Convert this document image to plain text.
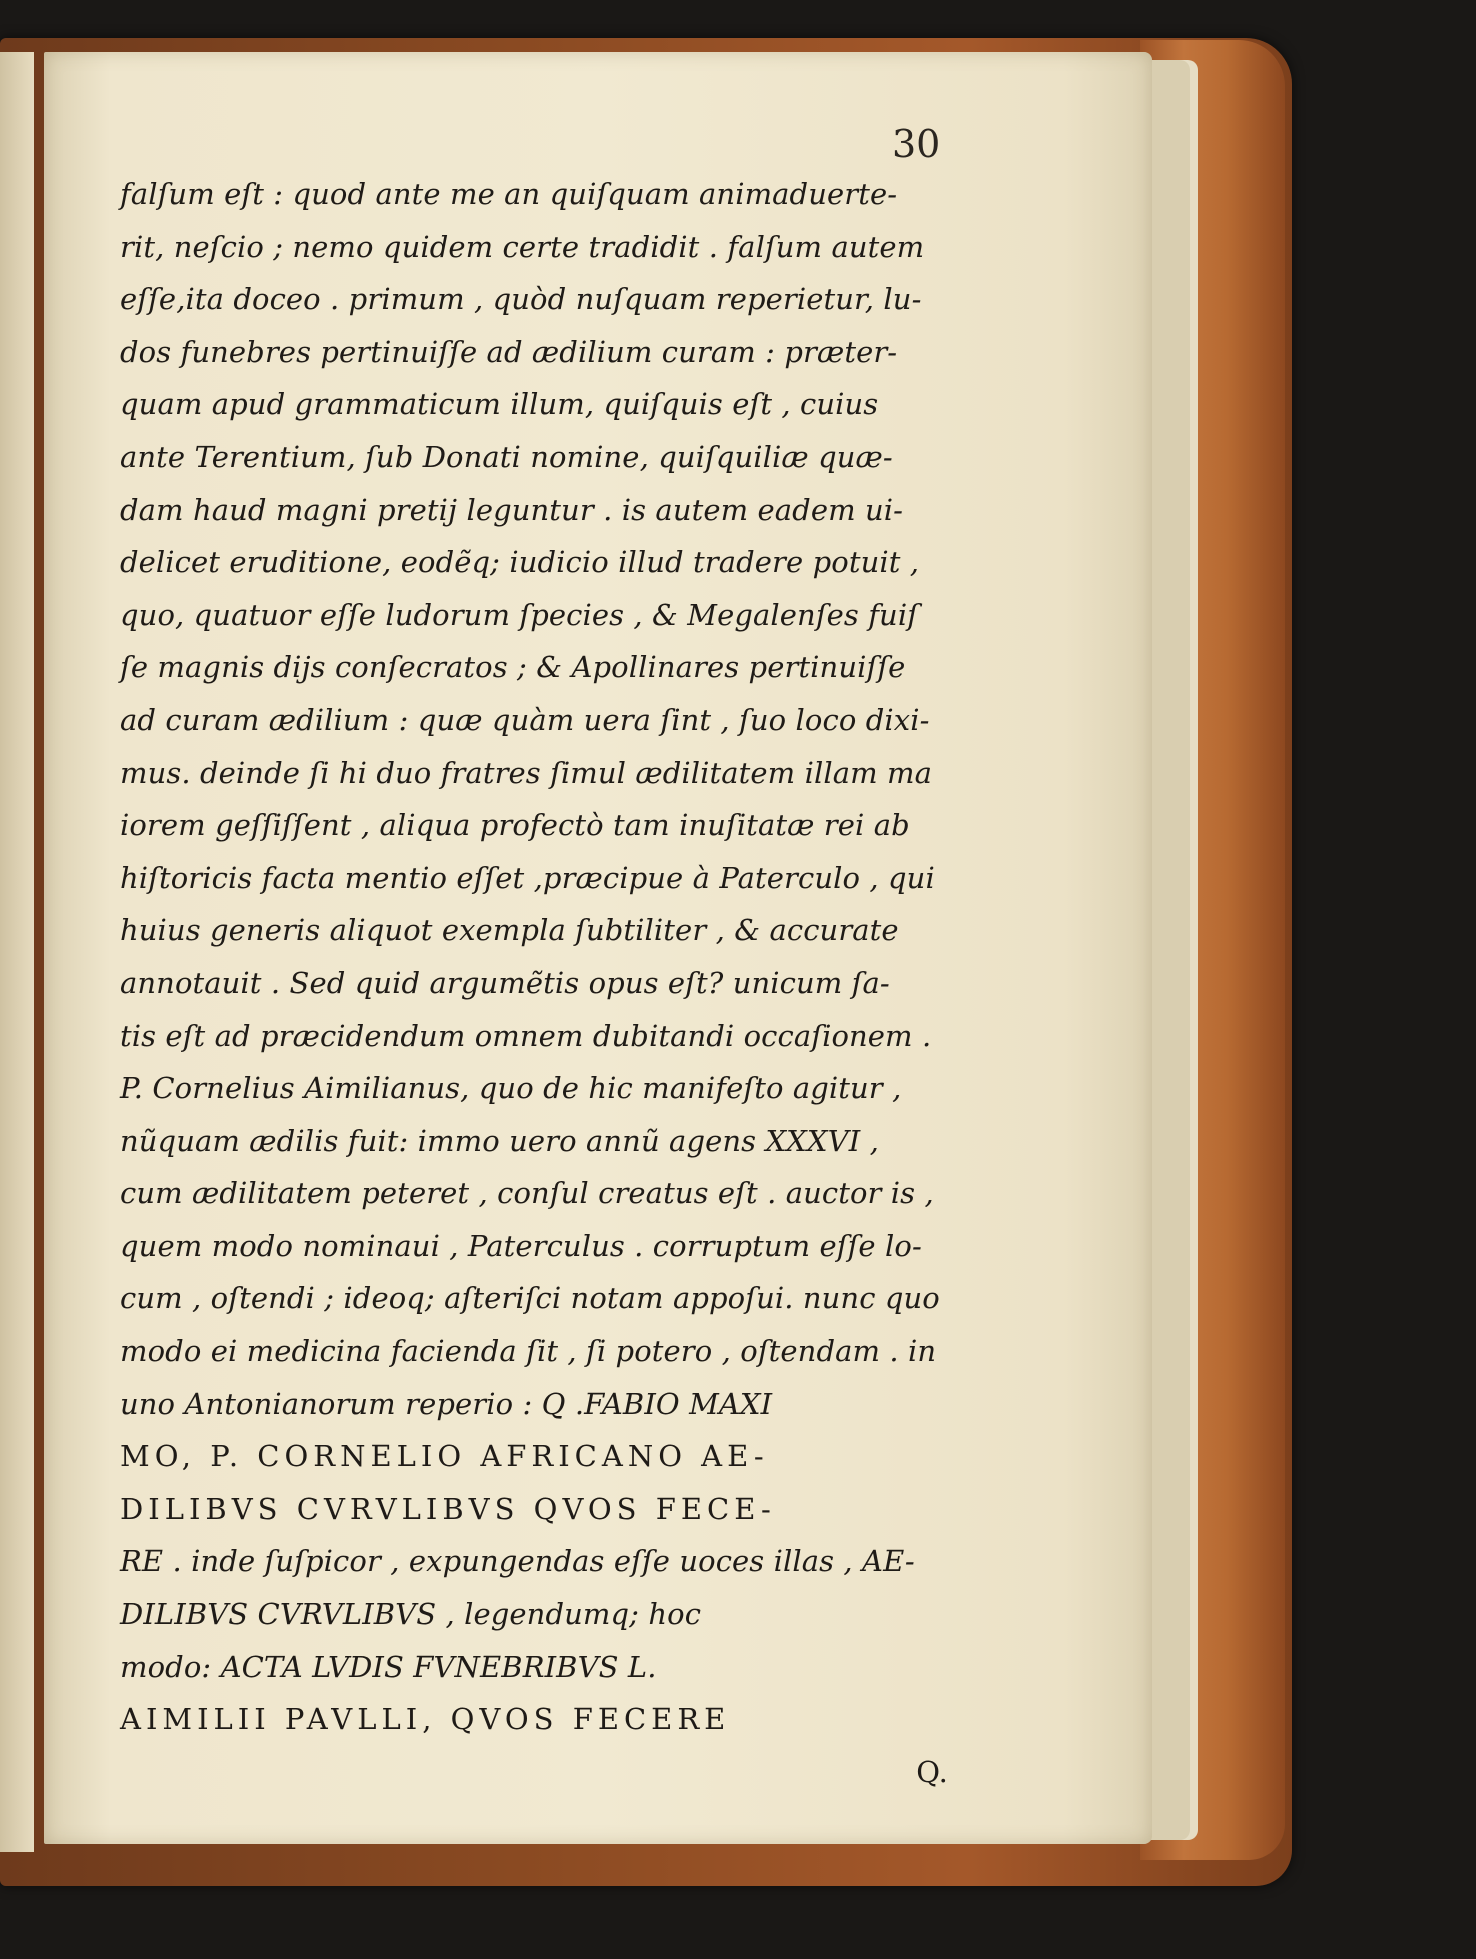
30
falſum eſt : quod ante me an quiſquam animaduerte-
rit, neſcio ; nemo quidem certe tradidit . falſum autem
eſſe,ita doceo . primum , quòd nuſquam reperietur, lu-
dos funebres pertinuiſſe ad ædilium curam : præter-
quam apud grammaticum illum, quiſquis eſt , cuius
ante Terentium, ſub Donati nomine, quiſquiliæ quæ-
dam haud magni pretij leguntur . is autem eadem ui-
delicet eruditione, eodẽq; iudicio illud tradere potuit ,
quo, quatuor eſſe ludorum ſpecies , & Megalenſes fuiſ
ſe magnis dijs conſecratos ; & Apollinares pertinuiſſe
ad curam ædilium : quæ quàm uera ſint , ſuo loco dixi-
mus. deinde ſi hi duo fratres ſimul ædilitatem illam ma
iorem geſſiſſent , aliqua profectò tam inuſitatæ rei ab
hiſtoricis facta mentio eſſet ,præcipue à Paterculo , qui
huius generis aliquot exempla ſubtiliter , & accurate
annotauit . Sed quid argumẽtis opus eſt? unicum ſa-
tis eſt ad præcidendum omnem dubitandi occaſionem .
P. Cornelius Aimilianus, quo de hic manifeſto agitur ,
nũquam ædilis fuit: immo uero annũ agens XXXVI ,
cum ædilitatem peteret , conſul creatus eſt . auctor is ,
quem modo nominaui , Paterculus . corruptum eſſe lo-
cum , oſtendi ; ideoq; aſteriſci notam appoſui. nunc quo
modo ei medicina facienda ſit , ſi potero , oſtendam . in
uno Antonianorum reperio : Q .FABIO MAXI
MO, P. CORNELIO AFRICANO AE-
DILIBVS CVRVLIBVS QVOS FECE-
RE . inde ſuſpicor , expungendas eſſe uoces illas , AE-
DILIBVS CVRVLIBVS , legendumq; hoc
modo: ACTA LVDIS FVNEBRIBVS L.
AIMILII PAVLLI, QVOS FECERE
Q.
